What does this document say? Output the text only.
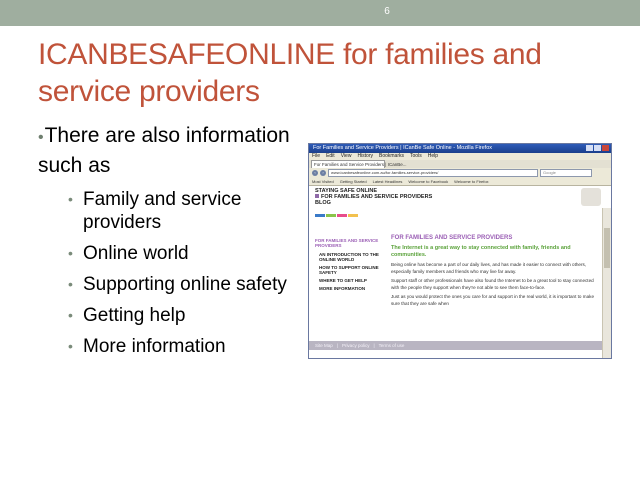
6
ICANBESAFEONLINE for families and service providers
•There are also information such as
• Family and service providers
• Online world
• Supporting online safety
• Getting help
• More information
For Families and Service Providers | ICanBe Safe Online - Mozilla Firefox
File Edit View History Bookmarks Tools Help
For Families and Service Providers | ICanBe...
‹	›	www.icanbesafeonline.com.au/for-families-service-providers/	Google
Most Visited Getting Started Latest Headlines Welcome to Facebook Welcome to Firefox
STAYING SAFE ONLINE
FOR FAMILIES AND SERVICE PROVIDERS
BLOG
FOR FAMILIES AND SERVICE PROVIDERS
AN INTRODUCTION TO THE ONLINE WORLD
HOW TO SUPPORT ONLINE SAFETY
WHERE TO GET HELP
MORE INFORMATION
FOR FAMILIES AND SERVICE PROVIDERS
The Internet is a great way to stay connected with family, friends and communities.
Being online has become a part of our daily lives, and has made it easier to connect with others, especially family members and friends who may live far away.
Support staff or other professionals have also found the Internet to be a great tool to stay connected with the people they support when they're not able to see them face-to-face.
Just as you would protect the ones you care for and support in the real world, it is important to make sure that they are safe when
Site Map | Privacy policy | Terms of use
